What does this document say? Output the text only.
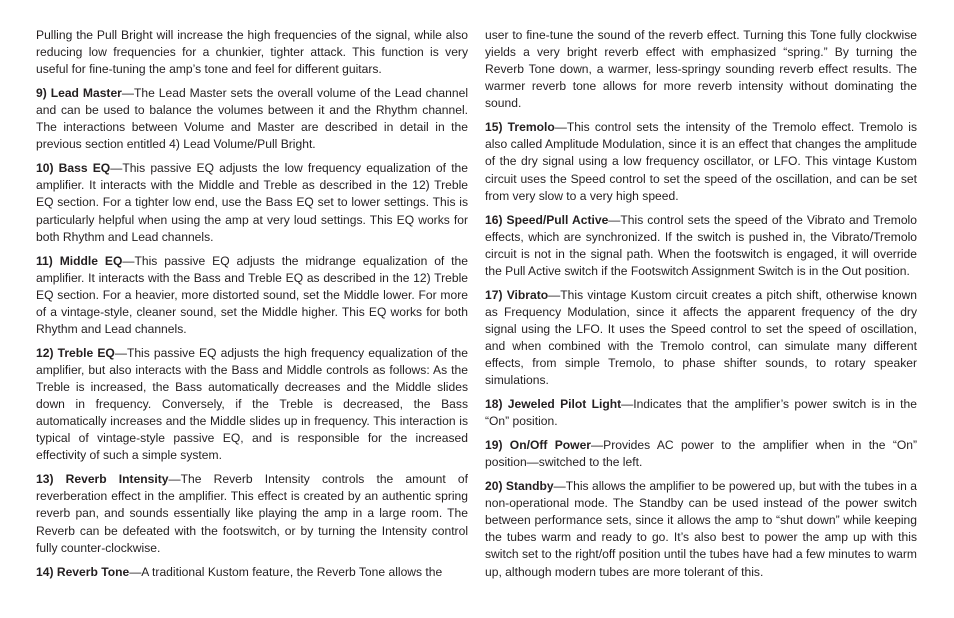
Pulling the Pull Bright will increase the high frequencies of the signal, while also reducing low frequencies for a chunkier, tighter attack. This function is very useful for fine-tuning the amp’s tone and feel for different guitars.

9) Lead Master — The Lead Master sets the overall volume of the Lead channel and can be used to balance the volumes between it and the Rhythm channel. The interactions between Volume and Master are described in detail in the previous section entitled 4) Lead Volume/Pull Bright.

10) Bass EQ — This passive EQ adjusts the low frequency equalization of the amplifier. It interacts with the Middle and Treble as described in the 12) Treble EQ section. For a tighter low end, use the Bass EQ set to lower settings. This is particularly helpful when using the amp at very loud settings. This EQ works for both Rhythm and Lead channels.

11) Middle EQ — This passive EQ adjusts the midrange equalization of the amplifier. It interacts with the Bass and Treble EQ as described in the 12) Treble EQ section. For a heavier, more distorted sound, set the Middle lower. For more of a vintage-style, cleaner sound, set the Middle higher. This EQ works for both Rhythm and Lead channels.

12) Treble EQ — This passive EQ adjusts the high frequency equalization of the amplifier, but also interacts with the Bass and Middle controls as follows: As the Treble is increased, the Bass automatically decreases and the Middle slides down in frequency. Conversely, if the Treble is decreased, the Bass automatically increases and the Middle slides up in frequency. This interaction is typical of vintage-style passive EQ, and is responsible for the increased effectivity of such a simple system.

13) Reverb Intensity — The Reverb Intensity controls the amount of reverberation effect in the amplifier. This effect is created by an authentic spring reverb pan, and sounds essentially like playing the amp in a large room. The Reverb can be defeated with the footswitch, or by turning the Intensity control fully counter-clockwise.

14) Reverb Tone — A traditional Kustom feature, the Reverb Tone allows the

user to fine-tune the sound of the reverb effect. Turning this Tone fully clockwise yields a very bright reverb effect with emphasized “spring.” By turning the Reverb Tone down, a warmer, less-springy sounding reverb effect results. The warmer reverb tone allows for more reverb intensity without dominating the sound.

15) Tremolo — This control sets the intensity of the Tremolo effect. Tremolo is also called Amplitude Modulation, since it is an effect that changes the amplitude of the dry signal using a low frequency oscillator, or LFO. This vintage Kustom circuit uses the Speed control to set the speed of the oscillation, and can be set from very slow to a very high speed.

16) Speed/Pull Active — This control sets the speed of the Vibrato and Tremolo effects, which are synchronized. If the switch is pushed in, the Vibrato/Tremolo circuit is not in the signal path. When the footswitch is engaged, it will override the Pull Active switch if the Footswitch Assignment Switch is in the Out position.

17) Vibrato — This vintage Kustom circuit creates a pitch shift, otherwise known as Frequency Modulation, since it affects the apparent frequency of the dry signal using the LFO. It uses the Speed control to set the speed of oscillation, and when combined with the Tremolo control, can simulate many different effects, from simple Tremolo, to phase shifter sounds, to rotary speaker simulations.

18) Jeweled Pilot Light — Indicates that the amplifier’s power switch is in the “On” position.

19) On/Off Power — Provides AC power to the amplifier when in the “On” position—switched to the left.

20) Standby — This allows the amplifier to be powered up, but with the tubes in a non-operational mode. The Standby can be used instead of the power switch between performance sets, since it allows the amp to “shut down” while keeping the tubes warm and ready to go. It’s also best to power the amp up with this switch set to the right/off position until the tubes have had a few minutes to warm up, although modern tubes are more tolerant of this.
